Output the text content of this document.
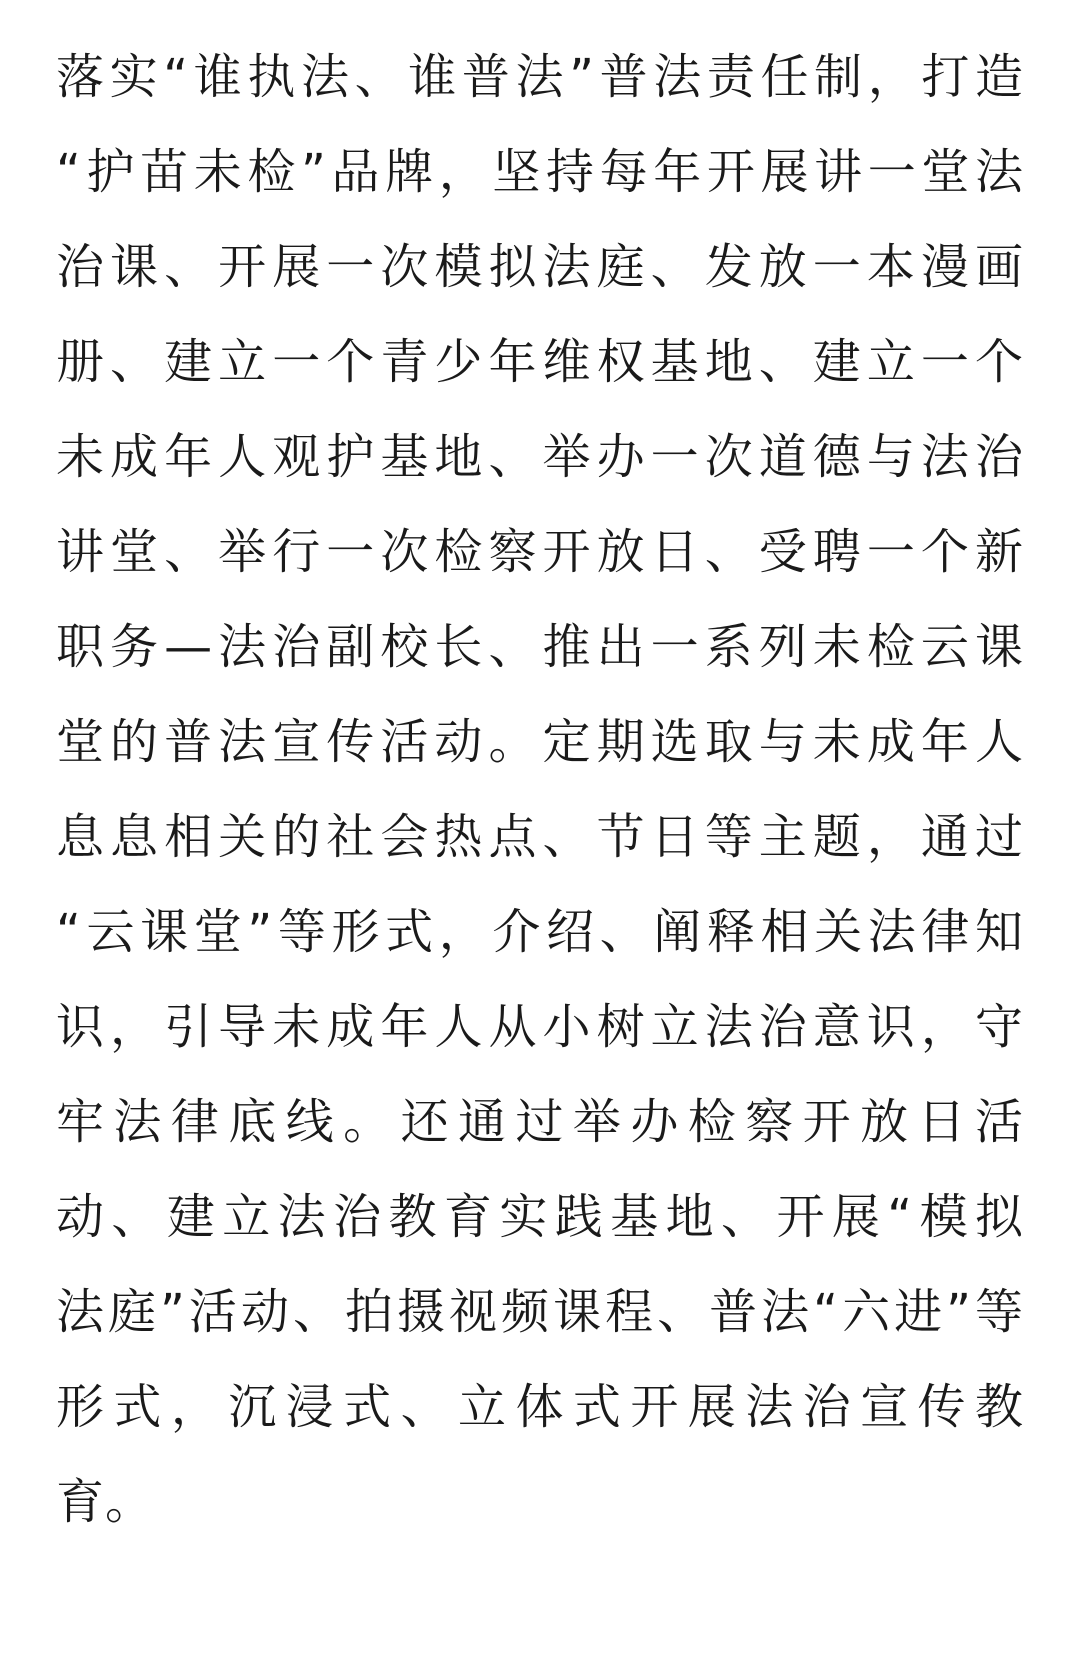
落实“谁执法、谁普法”普法责任制，打造
“护苗未检”品牌，坚持每年开展讲一堂法
治课、开展一次模拟法庭、发放一本漫画
册、建立一个青少年维权基地、建立一个
未成年人观护基地、举办一次道德与法治
讲堂、举行一次检察开放日、受聘一个新
职务—法治副校长、推出一系列未检云课
堂的普法宣传活动。定期选取与未成年人
息息相关的社会热点、节日等主题，通过
“云课堂”等形式，介绍、阐释相关法律知
识，引导未成年人从小树立法治意识，守
牢法律底线。还通过举办检察开放日活
动、建立法治教育实践基地、开展“模拟
法庭”活动、拍摄视频课程、普法“六进”等
形式，沉浸式、立体式开展法治宣传教
育。
